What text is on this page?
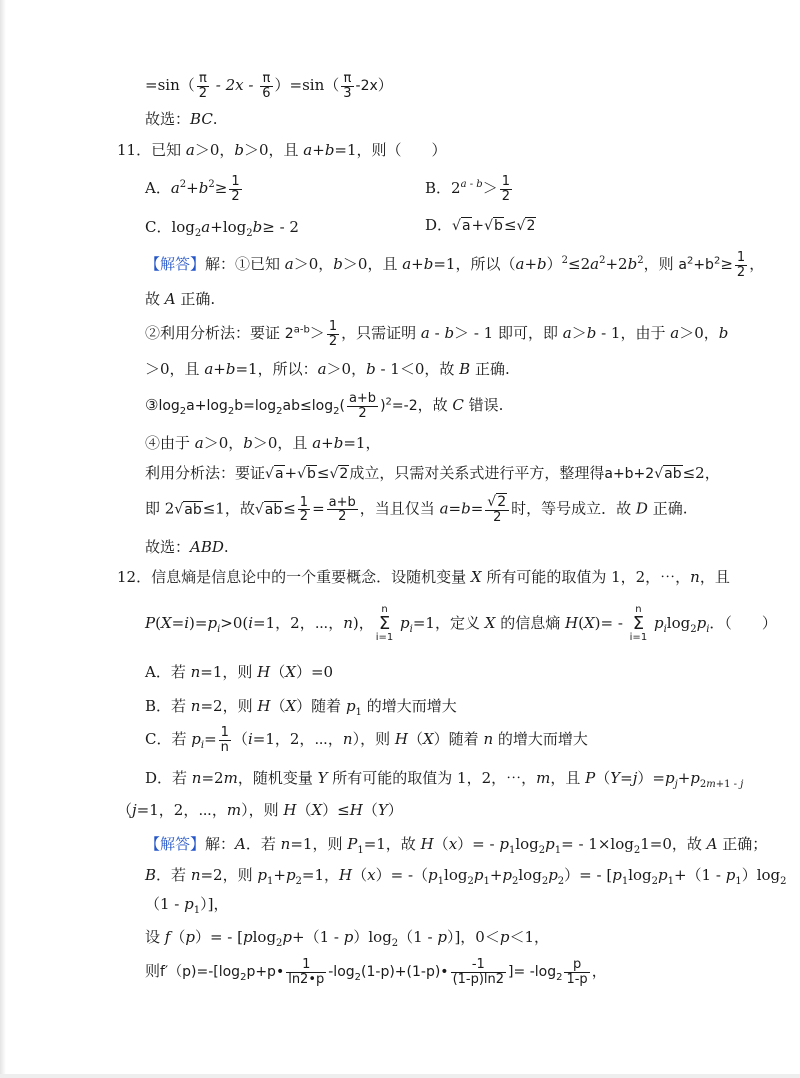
$=\sin( \frac{\pi}{2} - 2x - \frac{\pi}{6} )=\sin( \frac{\pi}{3} -2x)$
故选：BC.
11．已知 a＞0，b＞0，且 a+b=1，则（　　）
A．$a^2+b^2\ge \frac{1}{2}$	B．$2^{a - b}> \frac{1}{2}$
C．$\log_2a+\log_2b\ge - 2$	D．√a+√b≤√2
【解答】解：①已知 a＞0，b＞0，且 a+b=1，所以$(a+b)^2\le 2a^2+2b^2$，则 $a^2+b^2\ge \frac{1}{2}$ ，
故 A 正确.
②利用分析法：要证 $2^{a-b}> \frac{1}{2}$ ，只需证明 a - b＞ - 1 即可，即 a＞b - 1，由于 a＞0，b
＞0，且 a+b=1，所以：a＞0，b - 1＜0，故 B 正确.
$③\log_2a+\log_2b=\log_2ab\le\log_2( \frac{a+b}{2} )^2=-2$，故 C 错误.
④由于 a＞0，b＞0，且 a+b=1，
利用分析法：要证√a+√b≤√2成立，只需对关系式进行平方，整理得a+b+2√ab≤2，
即 2√ab≤1，故$√ab\le \frac{1}{2} = \frac{a+b}{2}$ ，当且仅当 $a=b= \frac{√2}{2}$ 时，等号成立．故 D 正确.
故选：ABD.
12．信息熵是信息论中的一个重要概念．设随机变量 X 所有可能的取值为 1，2，⋯，n，且
$P(X=i)=p_i>0(i=1$，2，⋯，n)，
n
Σ
i=1
$p_i=1$，定义 X 的信息熵 H(X)= -
n
Σ
i=1
$p_i\log_2p_i$．（　　）
A．若 n=1，则 H（X）=0
B．若 n=2，则 H（X）随着 $p_1$ 的增大而增大
C．若 $p_i= \frac{1}{n} (i=1$，2，⋯，n），则 H（X）随着 n 的增大而增大
D．若 n=2m，随机变量 Y 所有可能的取值为 1，2，⋯，m，且 $P(Y=j)=p_j+p_{2m+1 - j}$
（j=1，2，⋯，m），则 H（X）≤H（Y）
【解答】解：A．若 n=1，则 $P_1=1$，故 $H(x)= - p_1\log_2p_1= - 1\times\log_21=0$，故 A 正确；
B．若 n=2，则 $p_1+p_2=1$，$H(x)= -(p_1\log_2p_1+p_2\log_2p_2)= - [p_1\log_2p_1+(1 - p_1)\log_2$
$(1 - p_1)$]，
设 $f(p)= - [plog_2p+(1 - p)\log_2(1 - p)]$，0＜p＜1，
则$f'(p)=-[\log_2p+p• \frac{1}{\ln 2•p}$ $-\log_2(1-p)+(1-p)• \frac{-1}{(1-p)\ln 2}$ ]= $-\log_2 \frac{p}{1-p}$ ，
